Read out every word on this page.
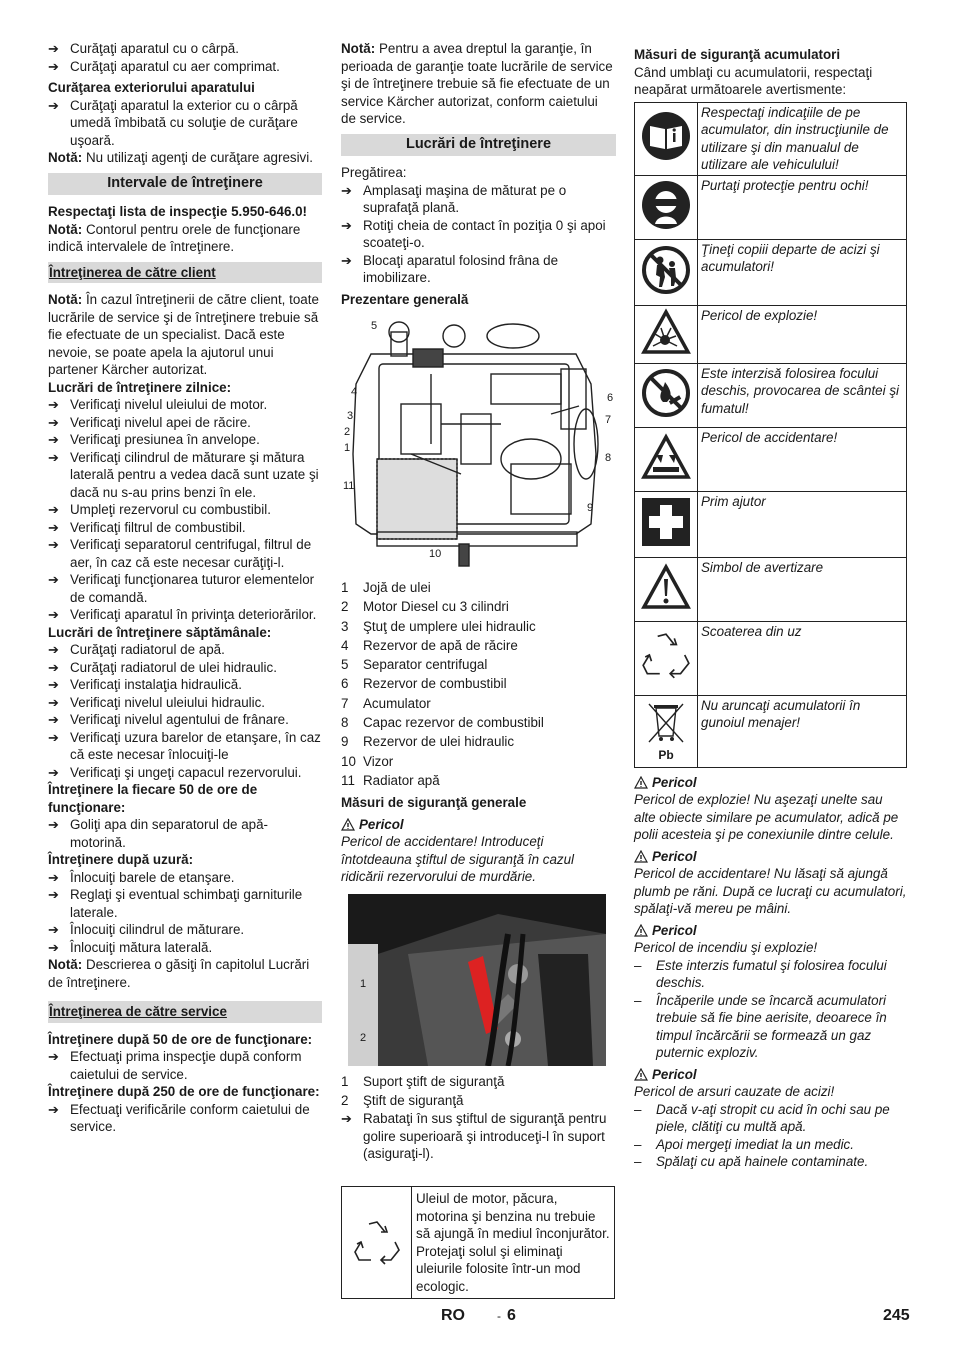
➔ Curăţaţi aparatul cu o cârpă.

➔ Curăţaţi aparatul cu aer comprimat.

Curăţarea exteriorului aparatului

➔ Curăţaţi aparatul la exterior cu o cârpă umedă îmbibată cu soluţie de curăţare uşoară.

Notă: Nu utilizaţi agenţi de curăţare agresivi.

Intervale de întreţinere

Respectaţi lista de inspecţie 5.950-646.0!

Notă: Contorul pentru orele de funcţionare indică intervalele de întreţinere.

Întreţinerea de către client

Notă: În cazul întreţinerii de către client, toate lucrările de service şi de întreţinere trebuie să fie efectuate de un specialist. Dacă este nevoie, se poate apela la ajutorul unui partener Kärcher autorizat.

Lucrări de întreţinere zilnice:

➔ Verificaţi nivelul uleiului de motor.

➔ Verificaţi nivelul apei de răcire.

➔ Verificaţi presiunea în anvelope.

➔ Verificaţi cilindrul de măturare şi mătura laterală pentru a vedea dacă sunt uzate şi dacă nu s-au prins benzi în ele.

➔ Umpleţi rezervorul cu combustibil.

➔ Verificaţi filtrul de combustibil.

➔ Verificaţi separatorul centrifugal, filtrul de aer, în caz că este necesar curăţiţi-l.

➔ Verificaţi funcţionarea tuturor elementelor de comandă.

➔ Verificaţi aparatul în privinţa deteriorărilor.

Lucrări de întreţinere săptămânale:

➔ Curăţaţi radiatorul de apă.

➔ Curăţaţi radiatorul de ulei hidraulic.

➔ Verificaţi instalaţia hidraulică.

➔ Verificaţi nivelul uleiului hidraulic.

➔ Verificaţi nivelul agentului de frânare.

➔ Verificaţi uzura barelor de etanşare, în caz că este necesar înlocuiţi-le

➔ Verificaţi şi ungeţi capacul rezervorului.

Întreţinere la fiecare 50 de ore de funcţionare:

➔ Goliţi apa din separatorul de apă-motorină.

Întreţinere după uzură:

➔ Înlocuiţi barele de etanşare.

➔ Reglaţi şi eventual schimbaţi garniturile laterale.

➔ Înlocuiţi cilindrul de măturare.

➔ Înlocuiţi mătura laterală.

Notă: Descrierea o găsiţi în capitolul Lucrări de întreţinere.

Întreţinerea de către service

Întreţinere după 50 de ore de funcţionare:

➔ Efectuaţi prima inspecţie după conform caietului de service.

Întreţinere după 250 de ore de funcţionare:

➔ Efectuaţi verificările conform caietului de service.

Notă: Pentru a avea dreptul la garanţie, în perioada de garanţie toate lucrările de service şi de întreţinere trebuie să fie efectuate de un service Kärcher autorizat, conform caietului de service.

Lucrări de întreţinere

Pregătirea:

➔ Amplasaţi maşina de măturat pe o suprafaţă plană.

➔ Rotiţi cheia de contact în poziţia 0 şi apoi scoateţi-o.

➔ Blocaţi aparatul folosind frâna de imobilizare.

Prezentare generală

5
4
3
2
1
11
6
7
8
9
10

1 Jojă de ulei

2 Motor Diesel cu 3 cilindri

3 Ştuţ de umplere ulei hidraulic

4 Rezervor de apă de răcire

5 Separator centrifugal

6 Rezervor de combustibil

7 Acumulator

8 Capac rezervor de combustibil

9 Rezervor de ulei hidraulic

10 Vizor

11 Radiator apă

Măsuri de siguranţă generale

Pericol

Pericol de accidentare! Introduceţi întotdeauna ştiftul de siguranţă în cazul ridicării rezervorului de murdărie.

1
2

1 Suport ştift de siguranţă

2 Ştift de siguranţă

➔ Rabataţi în sus ştiftul de siguranţă pentru golire superioară şi introduceţi-l în suport (asiguraţi-l).

Uleiul de motor, păcura, motorina şi benzina nu trebuie să ajungă în mediul înconjurător. Protejaţi solul şi eliminaţi uleiurile folosite într-un mod ecologic.

Măsuri de siguranţă acumulatori

Când umblaţi cu acumulatorii, respectaţi neapărat următoarele avertismente:

	Respectaţi indicaţiile de pe acumulator, din instrucţiunile de utilizare şi din manualul de utilizare ale vehiculului!
	Purtaţi protecţie pentru ochi!
	Ţineţi copiii departe de acizi şi acumulatori!
	Pericol de explozie!
	Este interzisă folosirea focului deschis, provocarea de scântei şi fumatul!
	Pericol de accidentare!
	Prim ajutor
	Simbol de avertizare
	Scoaterea din uz

Pb	Nu aruncaţi acumulatorii în gunoiul menajer!

Pericol

Pericol de explozie! Nu aşezaţi unelte sau alte obiecte similare pe acumulator, adică pe polii acesteia şi pe conexiunile dintre celule.

Pericol

Pericol de accidentare! Nu lăsaţi să ajungă plumb pe răni. După ce lucraţi cu acumulatori, spălaţi-vă mereu pe mâini.

Pericol

Pericol de incendiu şi explozie!

– Este interzis fumatul şi folosirea focului deschis.

– Încăperile unde se încarcă acumulatori trebuie să fie bine aerisite, deoarece în timpul încărcării se formează un gaz puternic exploziv.

Pericol

Pericol de arsuri cauzate de acizi!

– Dacă v-aţi stropit cu acid în ochi sau pe piele, clătiţi cu multă apă.

– Apoi mergeţi imediat la un medic.

– Spălaţi cu apă hainele contaminate.

RO	- 6	245
